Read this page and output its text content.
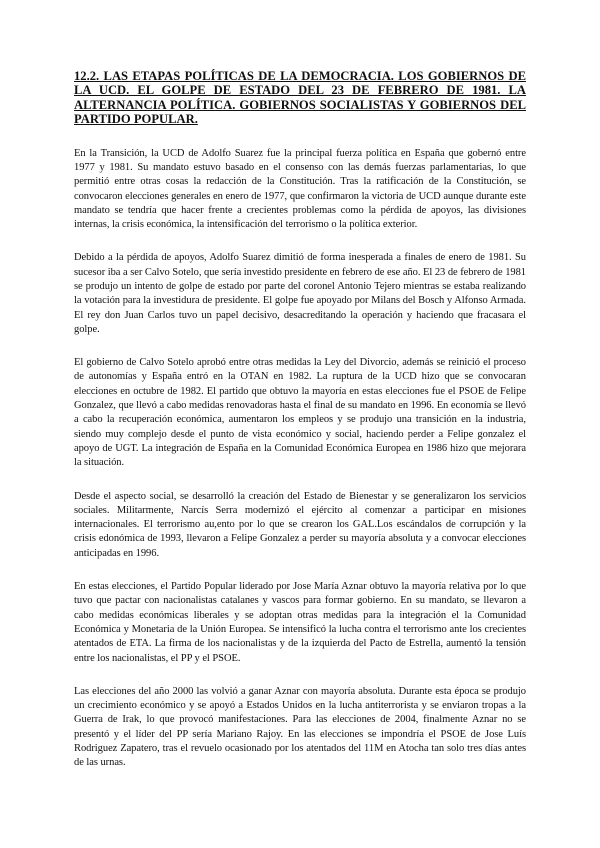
12.2. LAS ETAPAS POLÍTICAS DE LA DEMOCRACIA. LOS GOBIERNOS DE LA UCD. EL GOLPE DE ESTADO DEL 23 DE FEBRERO DE 1981. LA ALTERNANCIA POLÍTICA. GOBIERNOS SOCIALISTAS Y GOBIERNOS DEL PARTIDO POPULAR.

En la Transición, la UCD de Adolfo Suarez fue la principal fuerza política en España que gobernó entre 1977 y 1981. Su mandato estuvo basado en el consenso con las demás fuerzas parlamentarias, lo que permitió entre otras cosas la redacción de la Constitución. Tras la ratificación de la Constitución, se convocaron elecciones generales en enero de 1977, que confirmaron la victoria de UCD aunque durante este mandato se tendría que hacer frente a crecientes problemas como la pérdida de apoyos, las divisiones internas, la crisis económica, la intensificación del terrorismo o la política exterior.

Debido a la pérdida de apoyos, Adolfo Suarez dimitió de forma inesperada a finales de enero de 1981. Su sucesor iba a ser Calvo Sotelo, que sería investido presidente en febrero de ese año. El 23 de febrero de 1981 se produjo un intento de golpe de estado por parte del coronel Antonio Tejero mientras se estaba realizando la votación para la investidura de presidente. El golpe fue apoyado por Milans del Bosch y Alfonso Armada. El rey don Juan Carlos tuvo un papel decisivo, desacreditando la operación y haciendo que fracasara el golpe.

El gobierno de Calvo Sotelo aprobó entre otras medidas la Ley del Divorcio, además se reinició el proceso de autonomías y España entró en la OTAN en 1982. La ruptura de la UCD hizo que se convocaran elecciones en octubre de 1982. El partido que obtuvo la mayoría en estas elecciones fue el PSOE de Felipe Gonzalez, que llevó a cabo medidas renovadoras hasta el final de su mandato en 1996. En economía se llevó a cabo la recuperación económica, aumentaron los empleos y se produjo una transición en la industria, siendo muy complejo desde el punto de vista económico y social, haciendo perder a Felipe gonzalez el apoyo de UGT. La integración de España en la Comunidad Económica Europea en 1986 hizo que mejorara la situación.

Desde el aspecto social, se desarrolló la creación del Estado de Bienestar y se generalizaron los servicios sociales. Militarmente, Narcís Serra modernizó el ejército al comenzar a participar en misiones internacionales. El terrorismo au,ento por lo que se crearon los GAL.Los escándalos de corrupción y la crisis edonómica de 1993, llevaron a Felipe Gonzalez a perder su mayoría absoluta y a convocar elecciones anticipadas en 1996.

En estas elecciones, el Partido Popular liderado por Jose María Aznar obtuvo la mayoría relativa por lo que tuvo que pactar con nacionalistas catalanes y vascos para formar gobierno. En su mandato, se llevaron a cabo medidas económicas liberales y se adoptan otras medidas para la integración el la Comunidad Económica y Monetaria de la Unión Europea. Se intensificó la lucha contra el terrorismo ante los crecientes atentados de ETA. La firma de los nacionalistas y de la izquierda del Pacto de Estrella, aumentó la tensión entre los nacionalistas, el PP y el PSOE.

Las elecciones del año 2000 las volvió a ganar Aznar con mayoría absoluta. Durante esta época se produjo un crecimiento económico y se apoyó a Estados Unidos en la lucha antiterrorista y se enviaron tropas a la Guerra de Irak, lo que provocó manifestaciones. Para las elecciones de 2004, finalmente Aznar no se presentó y el líder del PP sería Mariano Rajoy. En las elecciones se impondría el PSOE de Jose Luís Rodriguez Zapatero, tras el revuelo ocasionado por los atentados del 11M en Atocha tan solo tres días antes de las urnas.
